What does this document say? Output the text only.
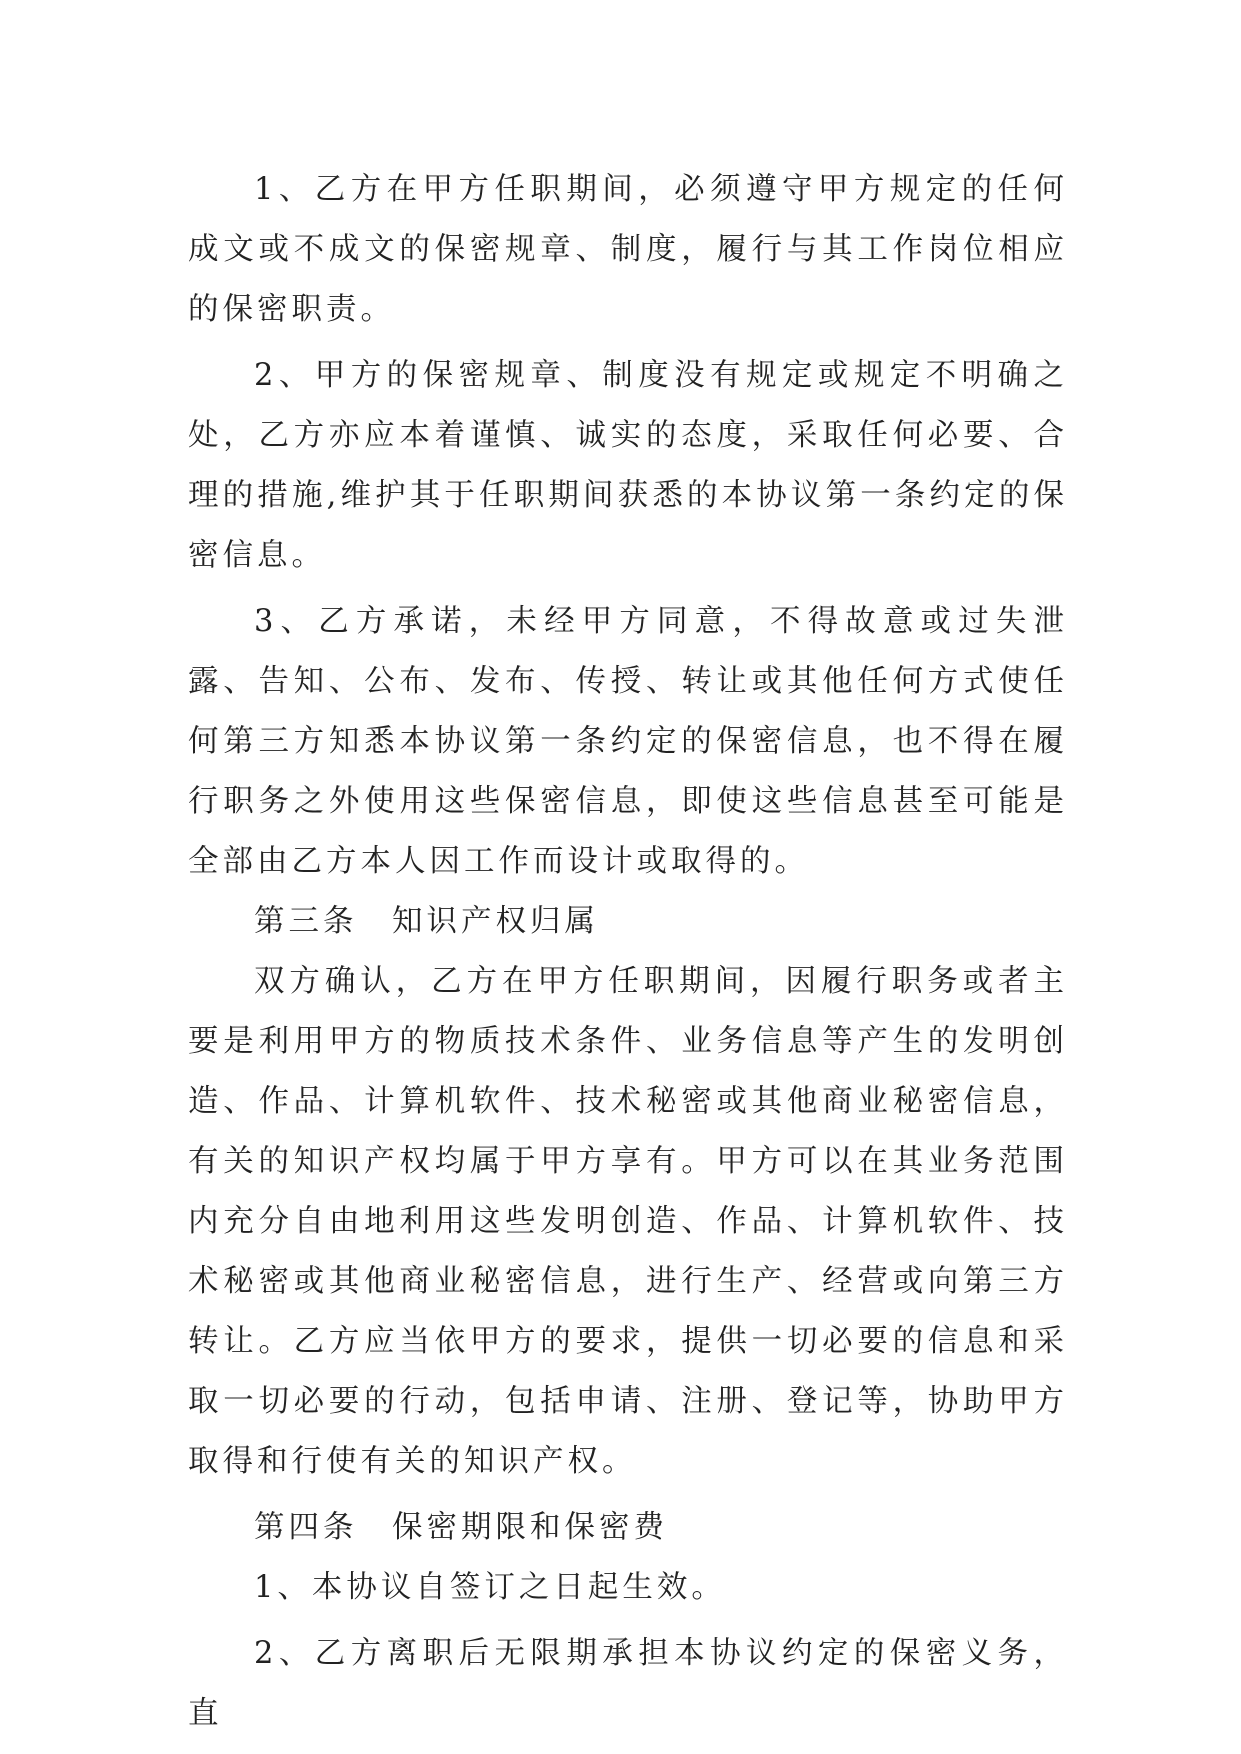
1、乙方在甲方任职期间，必须遵守甲方规定的任何成文或不成文的保密规章、制度，履行与其工作岗位相应的保密职责。

2、甲方的保密规章、制度没有规定或规定不明确之处，乙方亦应本着谨慎、诚实的态度，采取任何必要、合理的措施,维护其于任职期间获悉的本协议第一条约定的保密信息。

3、乙方承诺，未经甲方同意，不得故意或过失泄露、告知、公布、发布、传授、转让或其他任何方式使任何第三方知悉本协议第一条约定的保密信息，也不得在履行职务之外使用这些保密信息，即使这些信息甚至可能是全部由乙方本人因工作而设计或取得的。

第三条　知识产权归属

双方确认，乙方在甲方任职期间，因履行职务或者主要是利用甲方的物质技术条件、业务信息等产生的发明创造、作品、计算机软件、技术秘密或其他商业秘密信息，有关的知识产权均属于甲方享有。甲方可以在其业务范围内充分自由地利用这些发明创造、作品、计算机软件、技术秘密或其他商业秘密信息，进行生产、经营或向第三方转让。乙方应当依甲方的要求，提供一切必要的信息和采取一切必要的行动，包括申请、注册、登记等，协助甲方取得和行使有关的知识产权。

第四条　保密期限和保密费

1、本协议自签订之日起生效。

2、乙方离职后无限期承担本协议约定的保密义务，直
